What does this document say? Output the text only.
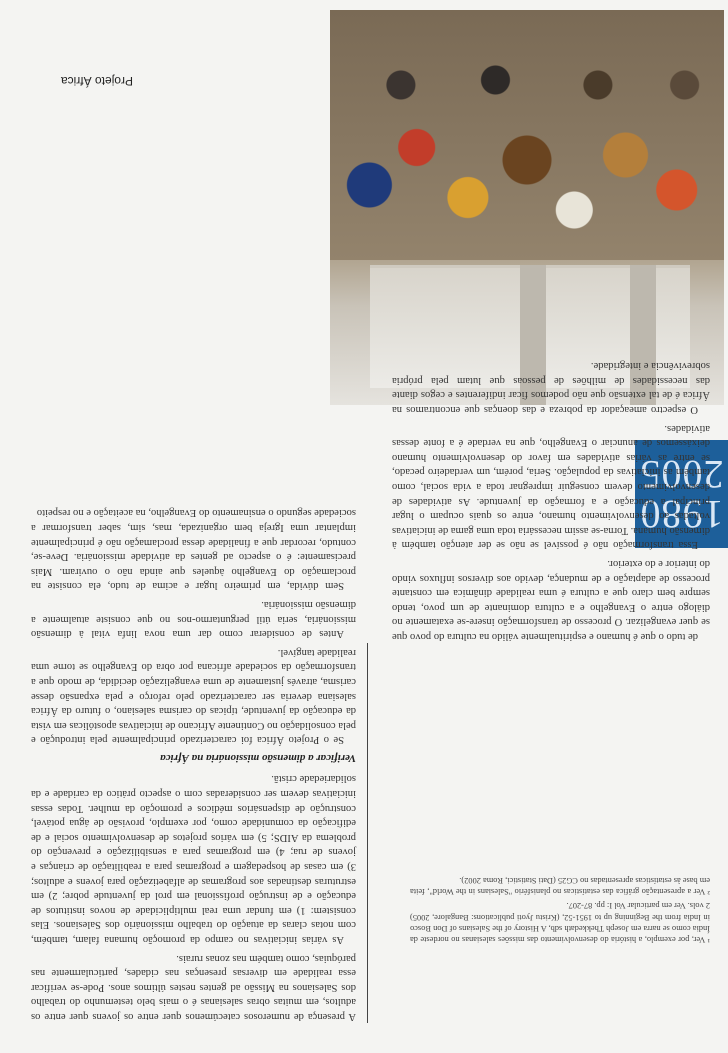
Projeto África
1980
2005

de tudo o que é humano e espiritualmente válido na cultura do povo que se quer evangelizar. O processo de transformação insere-se exatamente no diálogo entre o Evangelho e a cultura dominante de um povo, tendo sempre bem claro que a cultura é uma realidade dinâmica em constante processo de adaptação e de mudança, devido aos diversos influxos vindo do interior e do exterior.

Essa transformação não é possível se não se der atenção também à dimensão humana. Torna-se assim necessária toda uma gama de iniciativas voltadas ao desenvolvimento humano, entre os quais ocupam o lugar principal a educação e a formação da juventude. As atividades de desenvolvimento devem conseguir impregnar toda a vida social, como também as iniciativas da população. Seria, porém, um verdadeiro pecado, se entre as várias atividades em favor do desenvolvimento humano deixássemos de anunciar o Evangelho, que na verdade é a fonte dessas atividades.

O espectro ameaçador da pobreza e das doenças que encontramos na África é de tal extensão que não podemos ficar indiferentes e cegos diante das necessidades de milhões de pessoas que lutam pela própria sobrevivência e integridade.

A presença de numerosos catecúmenos quer entre os jovens quer entre os adultos, em muitas obras salesianas é o mais belo testemunho do trabalho dos Salesianos na Missão ad gentes nestes últimos anos. Pode-se verificar essa realidade em diversas presenças nas cidades, particularmente nas paróquias, como também nas zonas rurais.

As várias iniciativas no campo da promoção humana falam, também, com notas claras da atuação do trabalho missionário dos Salesianos. Elas consistem: 1) em fundar uma real multiplicidade de novos institutos de educação e de instrução profissional em prol da juventude pobre; 2) em estruturas destinadas aos programas de alfabetização para jovens e adultos; 3) em casas de hospedagem e programas para a reabilitação de crianças e jovens de rua; 4) em programas para a sensibilização e prevenção do problema da AIDS; 5) em vários projetos de desenvolvimento social e de edificação da comunidade como, por exemplo, provisão de água potável, construção de dispensários médicos e promoção da mulher. Todas essas iniciativas devem ser consideradas com o aspecto prático da caridade e da solidariedade cristã.

Verificar a dimensão missionária na África

Se o Projeto África foi caracterizado principalmente pela introdução e pela consolidação no Continente Africano de iniciativas apostólicas em vista da educação da juventude, típicas do carisma salesiano, o futuro da África salesiana deveria ser caracterizado pelo reforço e pela expansão desse carisma, através justamente de uma evangelização decidida, de modo que a transformação da sociedade africana por obra do Evangelho se torne uma realidade tangível.

Antes de considerar como dar uma nova linfa vital à dimensão missionária, seria útil perguntarmo-nos no que consiste atualmente a dimensão missionária.

Sem dúvida, em primeiro lugar e acima de tudo, ela consiste na proclamação do Evangelho àqueles que ainda não o ouviram. Mais precisamente: é o aspecto ad gentes da atividade missionária. Deve-se, contudo, recordar que a finalidade dessa proclamação não é principalmente implantar uma Igreja bem organizada, mas, sim, saber transformar a sociedade segundo o ensinamento do Evangelho, na aceitação e no respeito

¹ Ver, por exemplo, a história do desenvolvimento das missões salesianas no nordeste da Índia como se narra em Joseph Thekkedath sdb, A History of the Salesians of Don Bosco in India from the Beginning up to 1951-52, (Kristu Jyoti publications: Bangalore, 2005) 2 vols. Ver em particular Vol I: pp. 87-207.

² Ver a apresentação gráfica das estatísticas no planisfério "Salesians in the World", feita em base às estatísticas apresentadas no CG25 (Dati Statistici, Roma 2002).
